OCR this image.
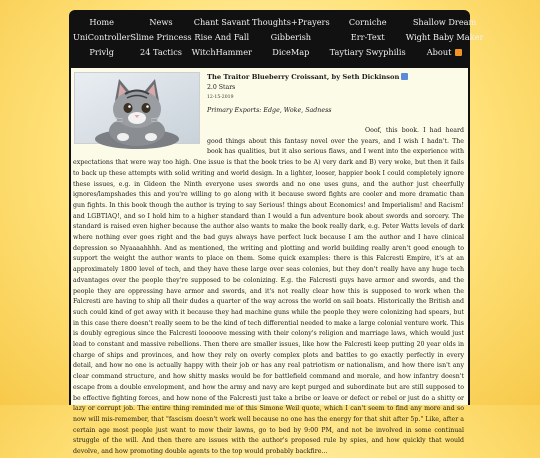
Home	News	Chant Savant Thoughts+Prayers	Corniche	Shallow Dream
UniController Slime Princess Rise And Fall	Gibberish	Err-Text	Wight Baby Maker
Privlg	24 Tactics	WitchHammer	DiceMap	Taytiary Swyphilis	About

The Traitor Blueberry Croissant, by Seth Dickinson

2.0 Stars

12-15-2019

Primary Exports: Edge, Woke, Sadness

Ooof, this book. I had heard good things about this fantasy novel over the years, and I wish I hadn't. The book has qualities, but it also serious flaws, and I went into the experience with expectations that were way too high. One issue is that the book tries to be A) very dark and B) very woke, but then it fails to back up these attempts with solid writing and world design. In a lighter, looser, happier book I could completely ignore these issues, e.g. in Gideon the Ninth everyone uses swords and no one uses guns, and the author just cheerfully ignores/lampshades this and you're willing to go along with it because sword fights are cooler and more dramatic than gun fights. In this book though the author is trying to say Serious! things about Economics! and Imperialism! and Racism! and LGBTIAQ!, and so I hold him to a higher standard than I would a fun adventure book about swords and sorcery. The standard is raised even higher because the author also wants to make the book really dark, e.g. Peter Watts levels of dark where nothing ever goes right and the bad guys always have perfect luck because I am the author and I have clinical depression so Nyaaaahhhh. And as mentioned, the writing and plotting and world building really aren't good enough to support the weight the author wants to place on them. Some quick examples: there is this Falcresti Empire, it's at an approximately 1800 level of tech, and they have these large over seas colonies, but they don't really have any huge tech advantages over the people they're supposed to be colonizing. E.g. the Falcresti guys have armor and swords, and the people they are oppressing have armor and swords, and it's not really clear how this is supposed to work when the Falcresti are having to ship all their dudes a quarter of the way across the world on sail boats. Historically the British and such could kind of get away with it because they had machine guns while the people they were colonizing had spears, but in this case there doesn't really seem to be the kind of tech differential needed to make a large colonial venture work. This is doubly egregious since the Falcresti looooove messing with their colony's religion and marriage laws, which would just lead to constant and massive rebellions. Then there are smaller issues, like how the Falcresti keep putting 20 year olds in charge of ships and provinces, and how they rely on overly complex plots and battles to go exactly perfectly in every detail, and how no one is actually happy with their job or has any real patriotism or nationalism, and how there isn't any clear command structure, and how shitty masks would be for battlefield command and morale, and how infantry doesn't escape from a double envelopment, and how the army and navy are kept purged and subordinate but are still supposed to be effective fighting forces, and how none of the Falcresti just take a bribe or leave or defect or rebel or just do a shitty or lazy or corrupt job. The entire thing reminded me of this Simone Weil quote, which I can't seem to find any more and so now will mis-remember, that "fascism doesn't work well because no one has the energy for that shit after 5p." Like, after a certain age most people just want to mow their lawns, go to bed by 9:00 PM, and not be involved in some continual struggle of the will. And then there are issues with the author's proposed rule by spies, and how quickly that would devolve, and how promoting double agents to the top would probably backfire...
